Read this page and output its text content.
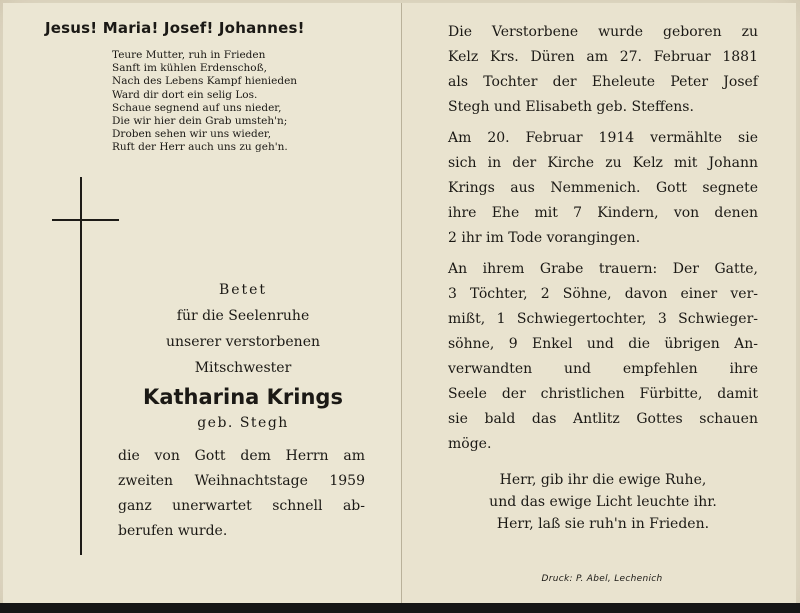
Jesus! Maria! Josef! Johannes!
Teure Mutter, ruh in Frieden
Sanft im kühlen Erdenschoß,
Nach des Lebens Kampf hienieden
Ward dir dort ein selig Los.
Schaue segnend auf uns nieder,
Die wir hier dein Grab umsteh'n;
Droben sehen wir uns wieder,
Ruft der Herr auch uns zu geh'n.
Betet
für die Seelenruhe
unserer verstorbenen
Mitschwester
Katharina Krings
geb. Stegh
die von Gott dem Herrn am
zweiten Weihnachtstage 1959
ganz unerwartet schnell ab-
berufen wurde.
Die Verstorbene wurde geboren zu
Kelz Krs. Düren am 27. Februar 1881
als Tochter der Eheleute Peter Josef
Stegh und Elisabeth geb. Steffens.
Am 20. Februar 1914 vermählte sie
sich in der Kirche zu Kelz mit Johann
Krings aus Nemmenich. Gott segnete
ihre Ehe mit 7 Kindern, von denen
2 ihr im Tode vorangingen.
An ihrem Grabe trauern: Der Gatte,
3 Töchter, 2 Söhne, davon einer ver-
mißt, 1 Schwiegertochter, 3 Schwieger-
söhne, 9 Enkel und die übrigen An-
verwandten und empfehlen ihre
Seele der christlichen Fürbitte, damit
sie bald das Antlitz Gottes schauen
möge.
Herr, gib ihr die ewige Ruhe,
und das ewige Licht leuchte ihr.
Herr, laß sie ruh'n in Frieden.
Druck: P. Abel, Lechenich
